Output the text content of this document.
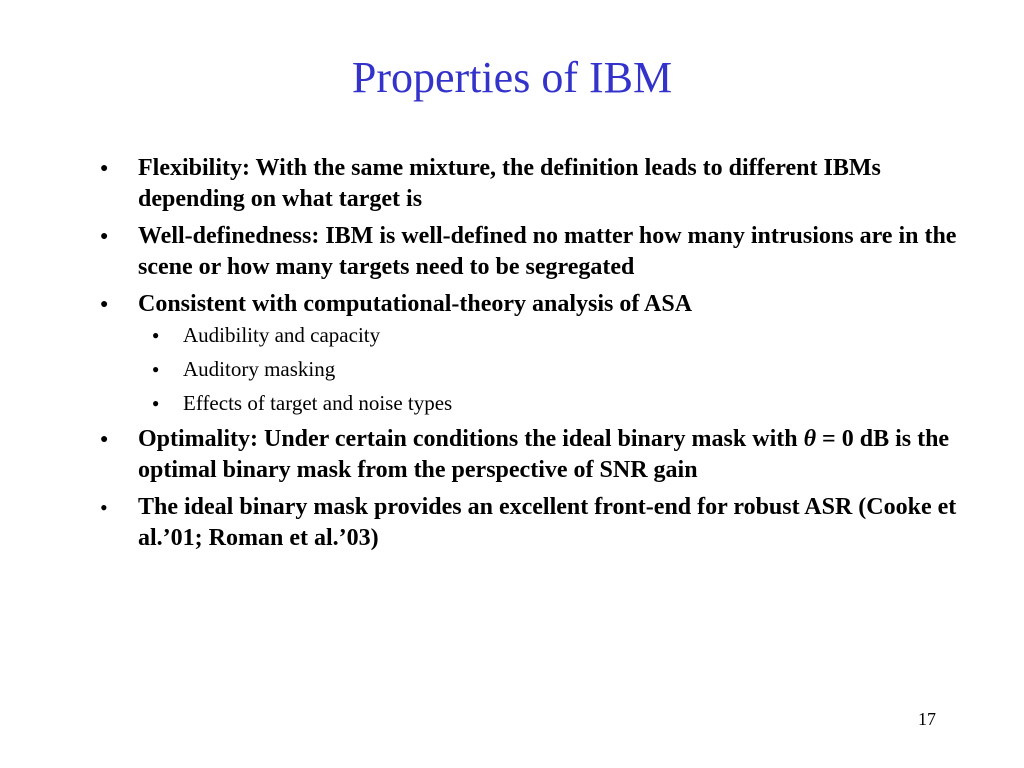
Properties of IBM
● Flexibility: With the same mixture, the definition leads to different IBMs depending on what target is
● Well-definedness: IBM is well-defined no matter how many intrusions are in the scene or how many targets need to be segregated
● Consistent with computational-theory analysis of ASA
● Audibility and capacity
● Auditory masking
● Effects of target and noise types
● Optimality: Under certain conditions the ideal binary mask with θ = 0 dB is the optimal binary mask from the perspective of SNR gain
• The ideal binary mask provides an excellent front-end for robust ASR (Cooke et al.’01; Roman et al.’03)
17
